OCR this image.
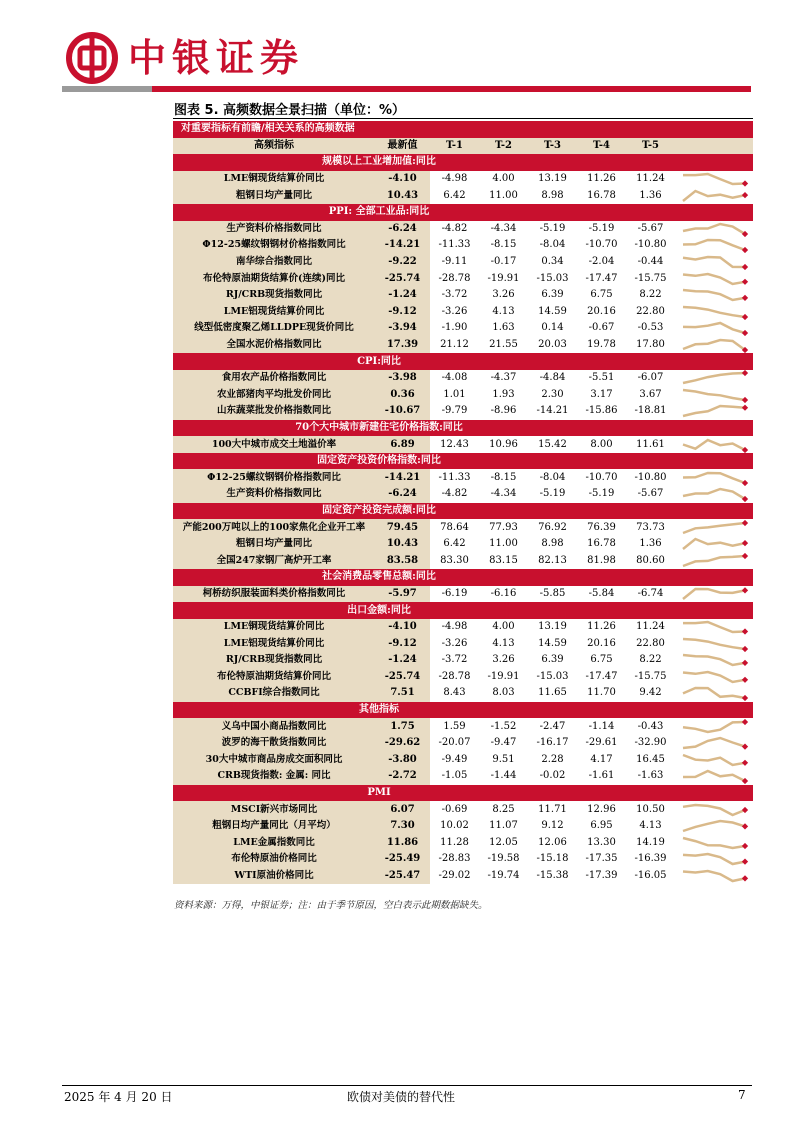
中银证券
图表 5. 高频数据全景扫描（单位：%）
对重要指标有前瞻/相关关系的高频数据							
高频指标	最新值	T-1	T-2	T-3	T-4	T-5	
规模以上工业增加值:同比							
LME铜现货结算价同比	-4.10	-4.98	4.00	13.19	11.26	11.24	

粗钢日均产量同比	10.43	6.42	11.00	8.98	16.78	1.36	

PPI: 全部工业品:同比							
生产资料价格指数同比	-6.24	-4.82	-4.34	-5.19	-5.19	-5.67	

Φ12-25螺纹钢钢材价格指数同比	-14.21	-11.33	-8.15	-8.04	-10.70	-10.80	

南华综合指数同比	-9.22	-9.11	-0.17	0.34	-2.04	-0.44	

布伦特原油期货结算价(连续)同比	-25.74	-28.78	-19.91	-15.03	-17.47	-15.75	

RJ/CRB现货指数同比	-1.24	-3.72	3.26	6.39	6.75	8.22	

LME铝现货结算价同比	-9.12	-3.26	4.13	14.59	20.16	22.80	

线型低密度聚乙烯LLDPE现货价同比	-3.94	-1.90	1.63	0.14	-0.67	-0.53	

全国水泥价格指数同比	17.39	21.12	21.55	20.03	19.78	17.80	

CPI:同比							
食用农产品价格指数同比	-3.98	-4.08	-4.37	-4.84	-5.51	-6.07	

农业部猪肉平均批发价同比	0.36	1.01	1.93	2.30	3.17	3.67	

山东蔬菜批发价格指数同比	-10.67	-9.79	-8.96	-14.21	-15.86	-18.81	

70个大中城市新建住宅价格指数:同比							
100大中城市成交土地溢价率	6.89	12.43	10.96	15.42	8.00	11.61	

固定资产投资价格指数:同比							
Φ12-25螺纹钢钢价格指数同比	-14.21	-11.33	-8.15	-8.04	-10.70	-10.80	

生产资料价格指数同比	-6.24	-4.82	-4.34	-5.19	-5.19	-5.67	

固定资产投资完成额:同比							
产能200万吨以上的100家焦化企业开工率	79.45	78.64	77.93	76.92	76.39	73.73	

粗钢日均产量同比	10.43	6.42	11.00	8.98	16.78	1.36	

全国247家钢厂高炉开工率	83.58	83.30	83.15	82.13	81.98	80.60	

社会消费品零售总额:同比							
柯桥纺织服装面料类价格指数同比	-5.97	-6.19	-6.16	-5.85	-5.84	-6.74	

出口金额:同比							
LME铜现货结算价同比	-4.10	-4.98	4.00	13.19	11.26	11.24	

LME铝现货结算价同比	-9.12	-3.26	4.13	14.59	20.16	22.80	

RJ/CRB现货指数同比	-1.24	-3.72	3.26	6.39	6.75	8.22	

布伦特原油期货结算价同比	-25.74	-28.78	-19.91	-15.03	-17.47	-15.75	

CCBFI综合指数同比	7.51	8.43	8.03	11.65	11.70	9.42	

其他指标							
义乌中国小商品指数同比	1.75	1.59	-1.52	-2.47	-1.14	-0.43	

波罗的海干散货指数同比	-29.62	-20.07	-9.47	-16.17	-29.61	-32.90	

30大中城市商品房成交面积同比	-3.80	-9.49	9.51	2.28	4.17	16.45	

CRB现货指数: 金属: 同比	-2.72	-1.05	-1.44	-0.02	-1.61	-1.63	

PMI							
MSCI新兴市场同比	6.07	-0.69	8.25	11.71	12.96	10.50	

粗钢日均产量同比（月平均）	7.30	10.02	11.07	9.12	6.95	4.13	

LME金属指数同比	11.86	11.28	12.05	12.06	13.30	14.19	

布伦特原油价格同比	-25.49	-28.83	-19.58	-15.18	-17.35	-16.39	

WTI原油价格同比	-25.47	-29.02	-19.74	-15.38	-17.39	-16.05	
资料来源：万得，中银证券；注：由于季节原因，空白表示此期数据缺失。
2025 年 4 月 20 日	欧债对美债的替代性	7
